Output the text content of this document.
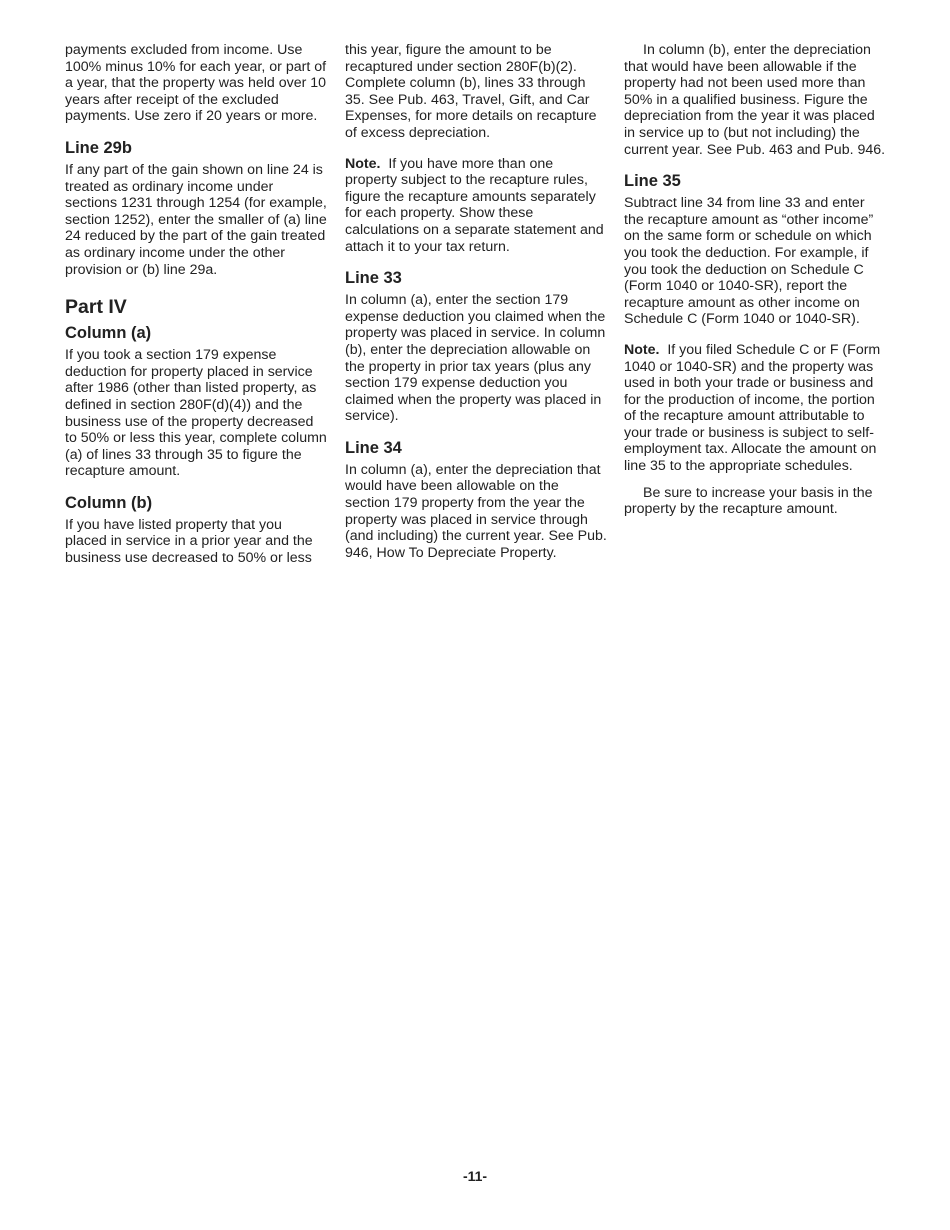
payments excluded from income. Use 100% minus 10% for each year, or part of a year, that the property was held over 10 years after receipt of the excluded payments. Use zero if 20 years or more.

Line 29b

If any part of the gain shown on line 24 is treated as ordinary income under sections 1231 through 1254 (for example, section 1252), enter the smaller of (a) line 24 reduced by the part of the gain treated as ordinary income under the other provision or (b) line 29a.

Part IV
Column (a)

If you took a section 179 expense deduction for property placed in service after 1986 (other than listed property, as defined in section 280F(d)(4)) and the business use of the property decreased to 50% or less this year, complete column (a) of lines 33 through 35 to figure the recapture amount.

Column (b)

If you have listed property that you placed in service in a prior year and the business use decreased to 50% or less

this year, figure the amount to be recaptured under section 280F(b)(2). Complete column (b), lines 33 through 35. See Pub. 463, Travel, Gift, and Car Expenses, for more details on recapture of excess depreciation.

Note. If you have more than one property subject to the recapture rules, figure the recapture amounts separately for each property. Show these calculations on a separate statement and attach it to your tax return.

Line 33

In column (a), enter the section 179 expense deduction you claimed when the property was placed in service. In column (b), enter the depreciation allowable on the property in prior tax years (plus any section 179 expense deduction you claimed when the property was placed in service).

Line 34

In column (a), enter the depreciation that would have been allowable on the section 179 property from the year the property was placed in service through (and including) the current year. See Pub. 946, How To Depreciate Property.

In column (b), enter the depreciation that would have been allowable if the property had not been used more than 50% in a qualified business. Figure the depreciation from the year it was placed in service up to (but not including) the current year. See Pub. 463 and Pub. 946.

Line 35

Subtract line 34 from line 33 and enter the recapture amount as “other income” on the same form or schedule on which you took the deduction. For example, if you took the deduction on Schedule C (Form 1040 or 1040-SR), report the recapture amount as other income on Schedule C (Form 1040 or 1040-SR).

Note. If you filed Schedule C or F (Form 1040 or 1040-SR) and the property was used in both your trade or business and for the production of income, the portion of the recapture amount attributable to your trade or business is subject to self-employment tax. Allocate the amount on line 35 to the appropriate schedules.

Be sure to increase your basis in the property by the recapture amount.

-11-
